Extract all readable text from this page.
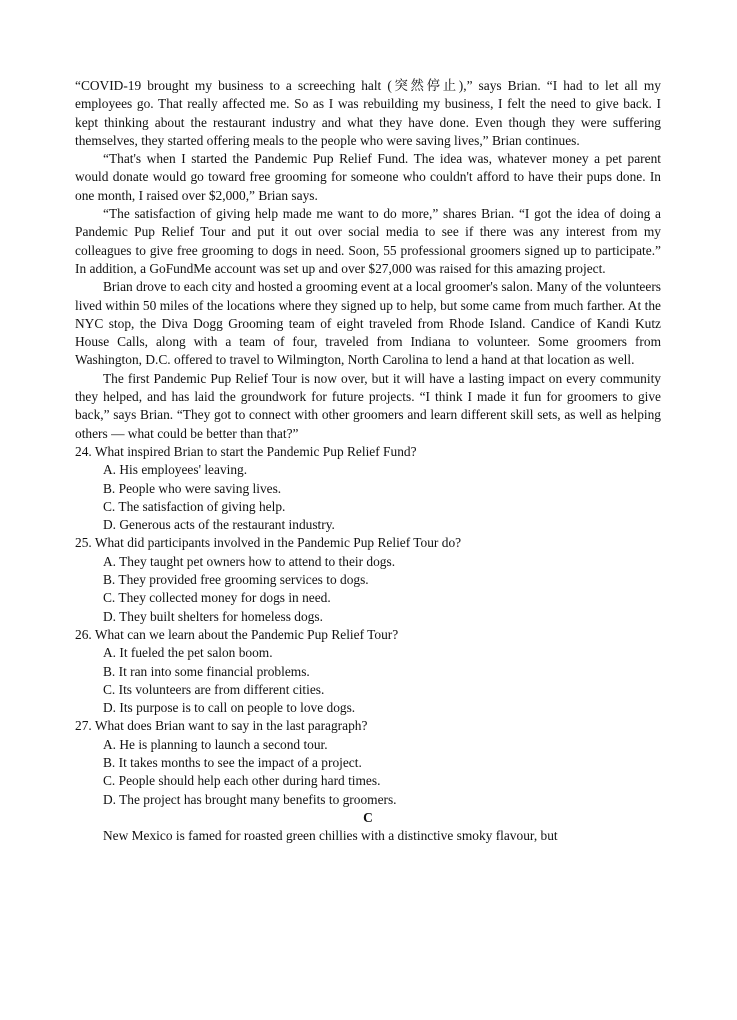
“COVID-19 brought my business to a screeching halt (突然停止),” says Brian. “I had to let all my employees go. That really affected me. So as I was rebuilding my business, I felt the need to give back. I kept thinking about the restaurant industry and what they have done. Even though they were suffering themselves, they started offering meals to the people who were saving lives,” Brian continues.

“That's when I started the Pandemic Pup Relief Fund. The idea was, whatever money a pet parent would donate would go toward free grooming for someone who couldn't afford to have their pups done. In one month, I raised over $2,000,” Brian says.

“The satisfaction of giving help made me want to do more,” shares Brian. “I got the idea of doing a Pandemic Pup Relief Tour and put it out over social media to see if there was any interest from my colleagues to give free grooming to dogs in need. Soon, 55 professional groomers signed up to participate.” In addition, a GoFundMe account was set up and over $27,000 was raised for this amazing project.

Brian drove to each city and hosted a grooming event at a local groomer's salon. Many of the volunteers lived within 50 miles of the locations where they signed up to help, but some came from much farther. At the NYC stop, the Diva Dogg Grooming team of eight traveled from Rhode Island. Candice of Kandi Kutz House Calls, along with a team of four, traveled from Indiana to volunteer. Some groomers from Washington, D.C. offered to travel to Wilmington, North Carolina to lend a hand at that location as well.

The first Pandemic Pup Relief Tour is now over, but it will have a lasting impact on every community they helped, and has laid the groundwork for future projects. “I think I made it fun for groomers to give back,” says Brian. “They got to connect with other groomers and learn different skill sets, as well as helping others — what could be better than that?”

24. What inspired Brian to start the Pandemic Pup Relief Fund?

A. His employees' leaving.

B. People who were saving lives.

C. The satisfaction of giving help.

D. Generous acts of the restaurant industry.

25. What did participants involved in the Pandemic Pup Relief Tour do?

A. They taught pet owners how to attend to their dogs.

B. They provided free grooming services to dogs.

C. They collected money for dogs in need.

D. They built shelters for homeless dogs.

26. What can we learn about the Pandemic Pup Relief Tour?

A. It fueled the pet salon boom.

B. It ran into some financial problems.

C. Its volunteers are from different cities.

D. Its purpose is to call on people to love dogs.

27. What does Brian want to say in the last paragraph?

A. He is planning to launch a second tour.

B. It takes months to see the impact of a project.

C. People should help each other during hard times.

D. The project has brought many benefits to groomers.

C

New Mexico is famed for roasted green chillies with a distinctive smoky flavour, but
